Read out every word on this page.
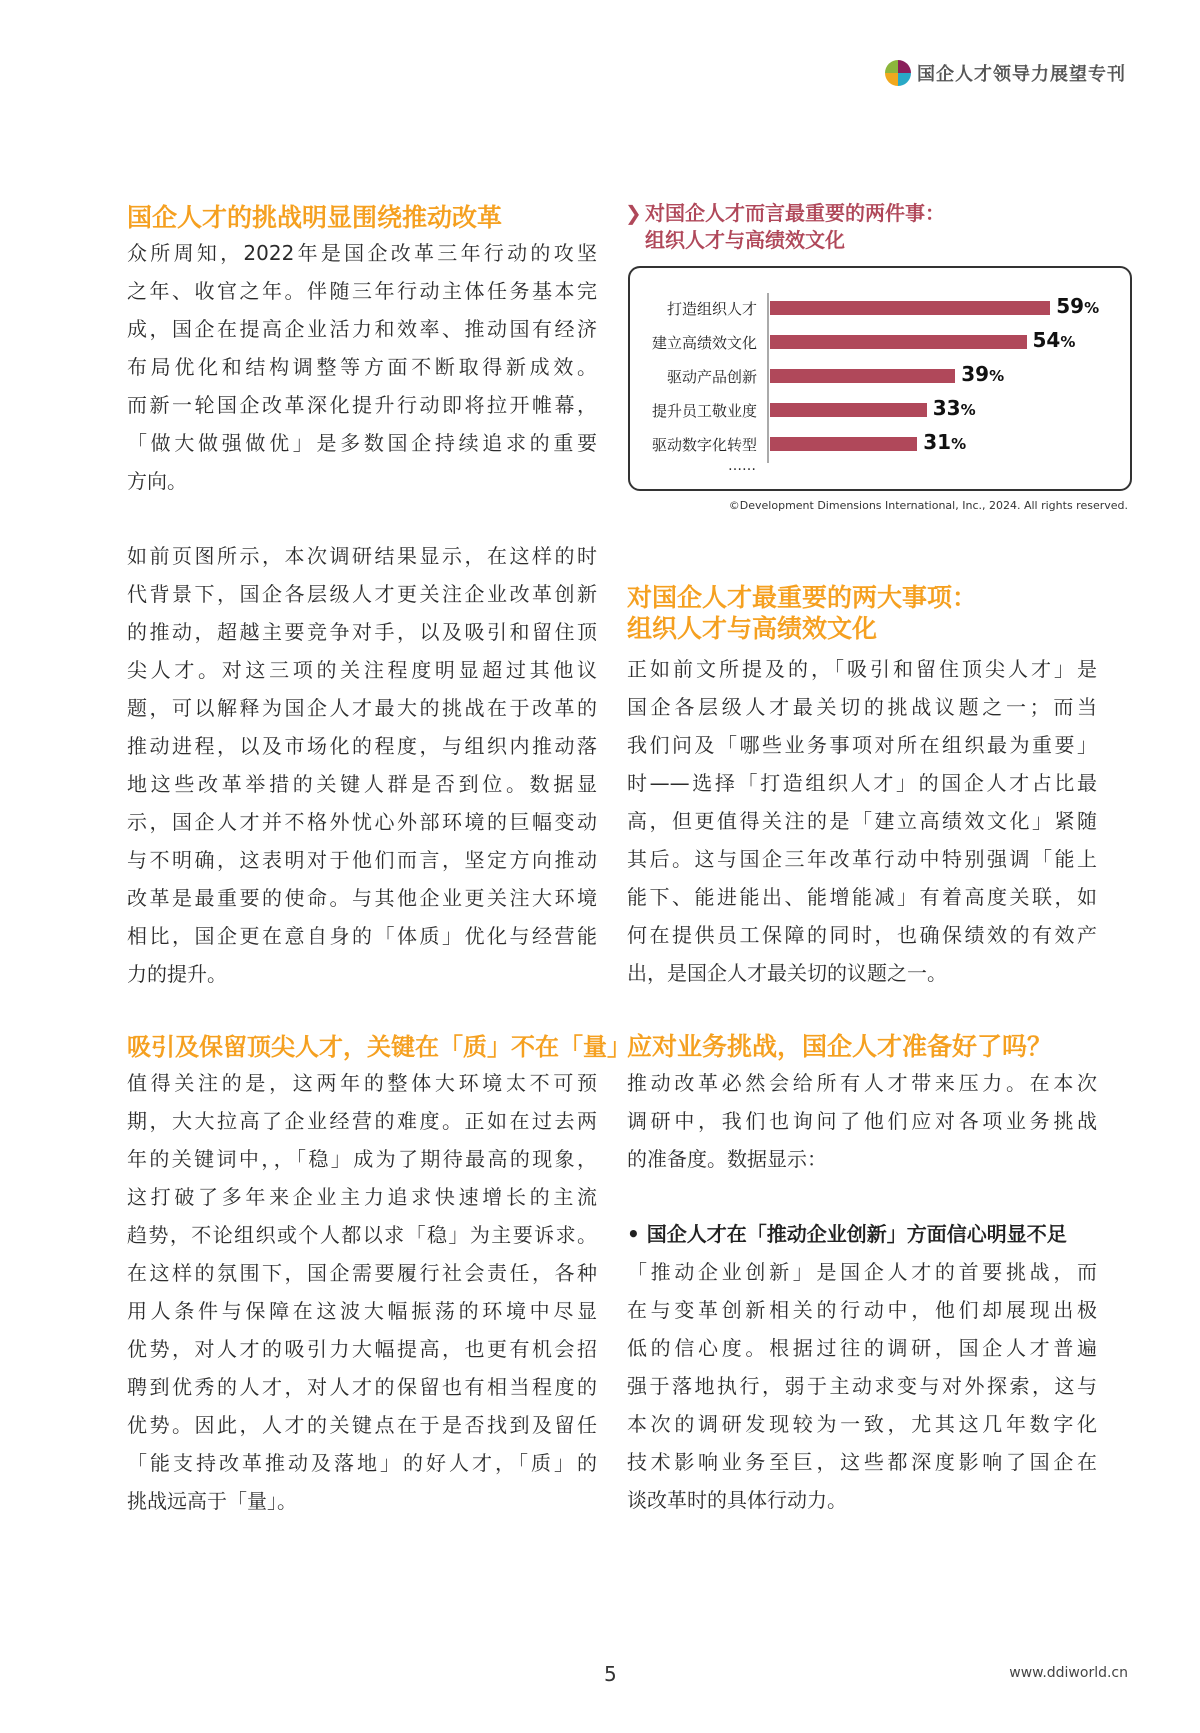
国企人才领导力展望专刊
国企人才的挑战明显围绕推动改革
众所周知，2022年是国企改革三年行动的攻坚
之年、收官之年。伴随三年行动主体任务基本完
成，国企在提高企业活力和效率、推动国有经济
布局优化和结构调整等方面不断取得新成效。
而新一轮国企改革深化提升行动即将拉开帷幕，
「做大做强做优」是多数国企持续追求的重要
方向。
如前页图所示，本次调研结果显示，在这样的时
代背景下，国企各层级人才更关注企业改革创新
的推动，超越主要竞争对手，以及吸引和留住顶
尖人才。对这三项的关注程度明显超过其他议
题，可以解释为国企人才最大的挑战在于改革的
推动进程，以及市场化的程度，与组织内推动落
地这些改革举措的关键人群是否到位。数据显
示，国企人才并不格外忧心外部环境的巨幅变动
与不明确，这表明对于他们而言，坚定方向推动
改革是最重要的使命。与其他企业更关注大环境
相比，国企更在意自身的「体质」优化与经营能
力的提升。
吸引及保留顶尖人才，关键在「质」不在「量」
值得关注的是，这两年的整体大环境太不可预
期，大大拉高了企业经营的难度。正如在过去两
年的关键词中，，「稳」成为了期待最高的现象，
这打破了多年来企业主力追求快速增长的主流
趋势，不论组织或个人都以求「稳」为主要诉求。
在这样的氛围下，国企需要履行社会责任，各种
用人条件与保障在这波大幅振荡的环境中尽显
优势，对人才的吸引力大幅提高，也更有机会招
聘到优秀的人才，对人才的保留也有相当程度的
优势。因此，人才的关键点在于是否找到及留任
「能支持改革推动及落地」的好人才，「质」的
挑战远高于「量」。
❯ 对国企人才而言最重要的两件事：
组织人才与高绩效文化
打造组织人才	59%
建立高绩效文化	54%
驱动产品创新	39%
提升员工敬业度	33%
驱动数字化转型	31%
……
©Development Dimensions International, Inc., 2024. All rights reserved.
对国企人才最重要的两大事项：
组织人才与高绩效文化
正如前文所提及的，「吸引和留住顶尖人才」是
国企各层级人才最关切的挑战议题之一；而当
我们问及「哪些业务事项对所在组织最为重要」
时——选择「打造组织人才」的国企人才占比最
高，但更值得关注的是「建立高绩效文化」紧随
其后。这与国企三年改革行动中特别强调「能上
能下、能进能出、能增能减」有着高度关联，如
何在提供员工保障的同时，也确保绩效的有效产
出，是国企人才最关切的议题之一。
应对业务挑战，国企人才准备好了吗？
推动改革必然会给所有人才带来压力。在本次
调研中，我们也询问了他们应对各项业务挑战
的准备度。数据显示：
• 国企人才在「推动企业创新」方面信心明显不足
「推动企业创新」是国企人才的首要挑战，而
在与变革创新相关的行动中，他们却展现出极
低的信心度。根据过往的调研，国企人才普遍
强于落地执行，弱于主动求变与对外探索，这与
本次的调研发现较为一致，尤其这几年数字化
技术影响业务至巨，这些都深度影响了国企在
谈改革时的具体行动力。
5	www.ddiworld.cn
